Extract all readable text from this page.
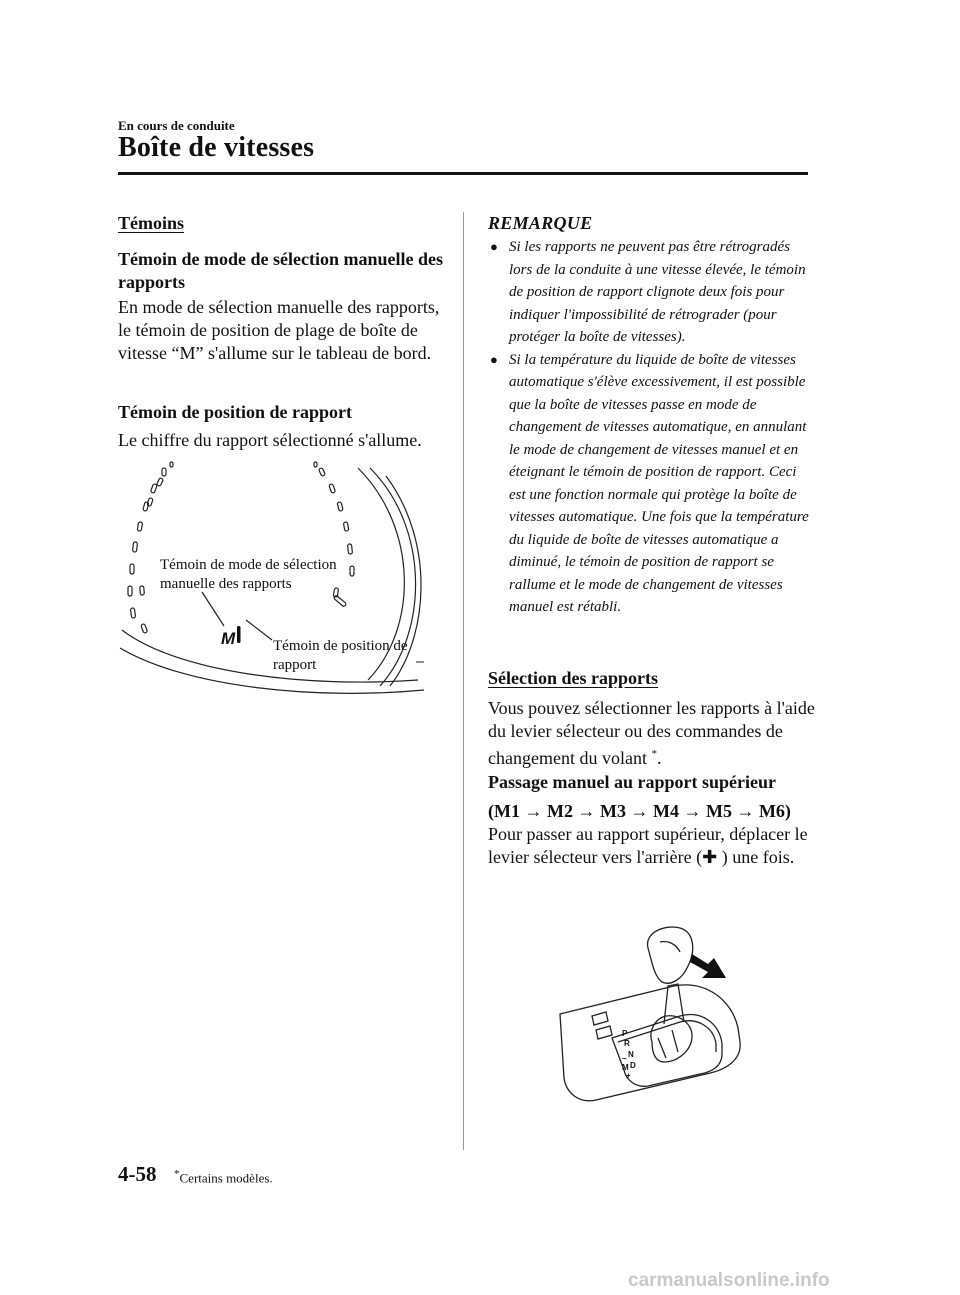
En cours de conduite
Boîte de vitesses
Témoins
Témoin de mode de sélection manuelle des rapports
En mode de sélection manuelle des rapports, le témoin de position de plage de boîte de vitesse “M” s'allume sur le tableau de bord.
Témoin de position de rapport
Le chiffre du rapport sélectionné s'allume.
M
Témoin de mode de sélection manuelle des rapports
Témoin de position de rapport
REMARQUE
● Si les rapports ne peuvent pas être rétrogradés lors de la conduite à une vitesse élevée, le témoin de position de rapport clignote deux fois pour indiquer l'impossibilité de rétrograder (pour protéger la boîte de vitesses).
● Si la température du liquide de boîte de vitesses automatique s'élève excessivement, il est possible que la boîte de vitesses passe en mode de changement de vitesses automatique, en annulant le mode de changement de vitesses manuel et en éteignant le témoin de position de rapport. Ceci est une fonction normale qui protège la boîte de vitesses automatique. Une fois que la température du liquide de boîte de vitesses automatique a diminué, le témoin de position de rapport se rallume et le mode de changement de vitesses manuel est rétabli.
Sélection des rapports
Vous pouvez sélectionner les rapports à l'aide du levier sélecteur ou des commandes de changement du volant *.
Passage manuel au rapport supérieur
(M1 → M2 → M3 → M4 → M5 → M6)
Pour passer au rapport supérieur, déplacer le levier sélecteur vers l'arrière (✚ ) une fois.
P
R
N
D
M
+
−
4-58 *Certains modèles.
carmanualsonline.info
